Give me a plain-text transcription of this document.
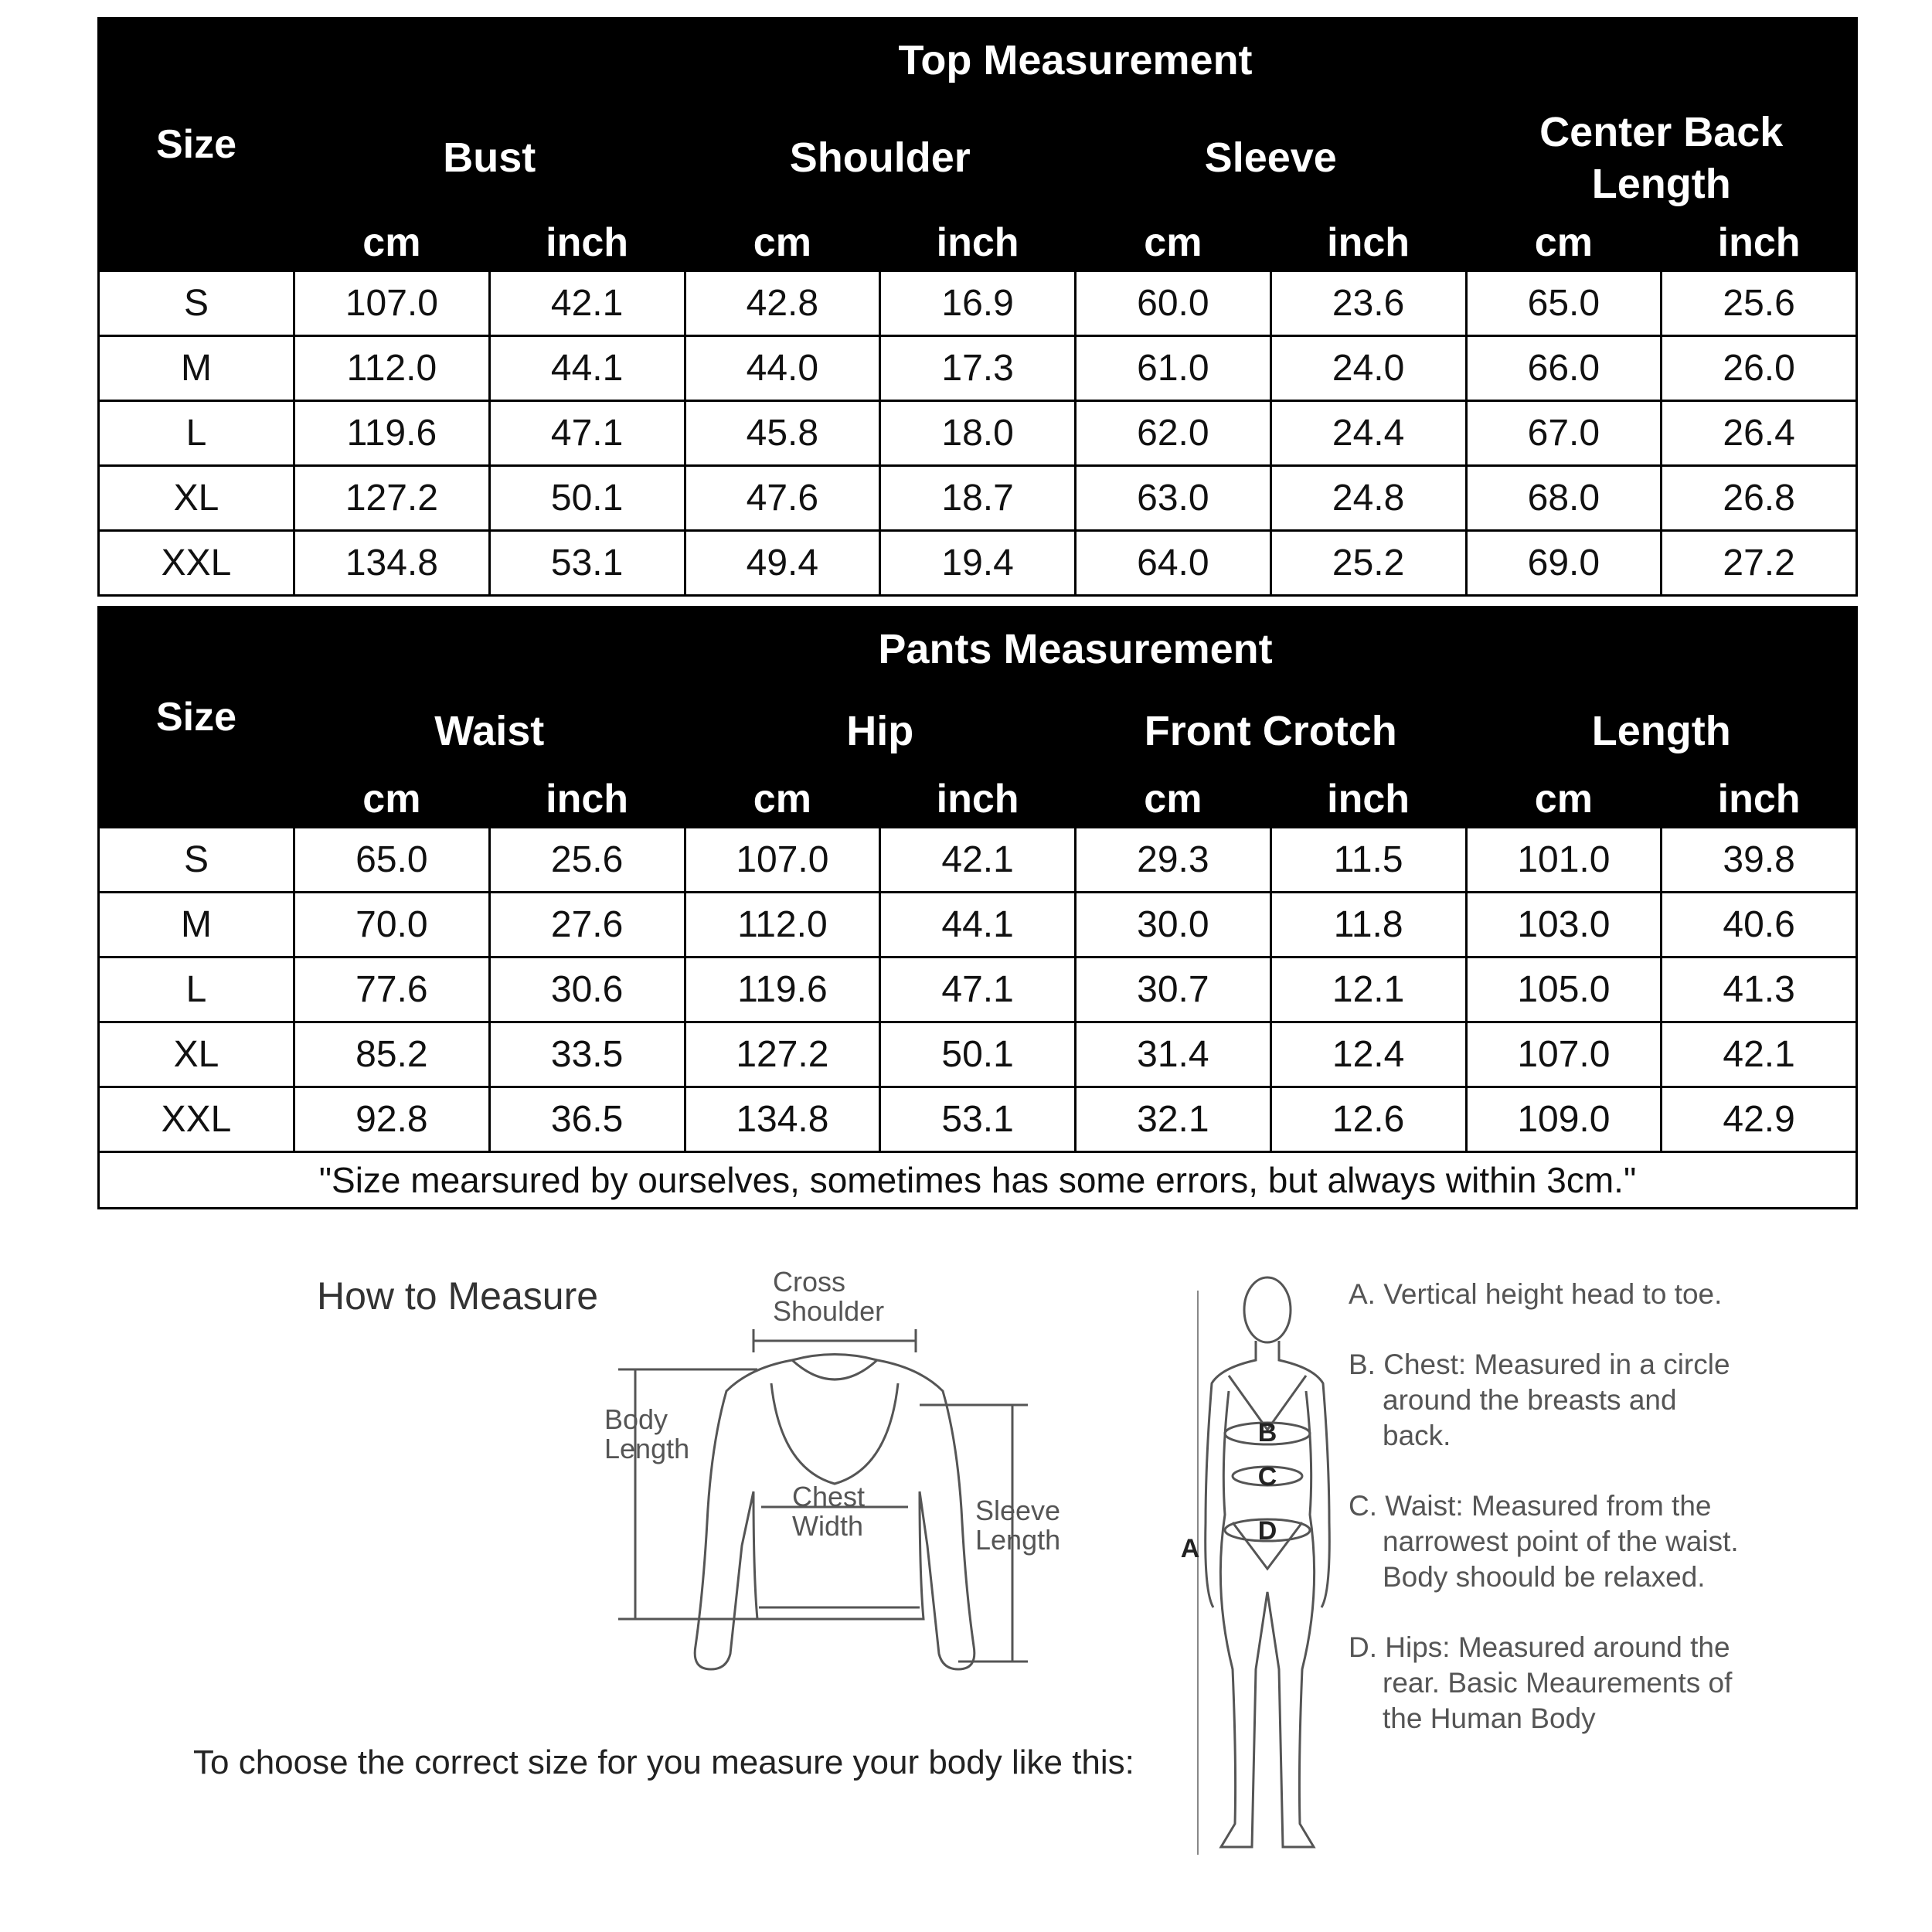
Size	Top Measurement							
	Bust		Shoulder		Sleeve		Center Back Length	
	cm	inch	cm	inch	cm	inch	cm	inch
S	107.0	42.1	42.8	16.9	60.0	23.6	65.0	25.6
M	112.0	44.1	44.0	17.3	61.0	24.0	66.0	26.0
L	119.6	47.1	45.8	18.0	62.0	24.4	67.0	26.4
XL	127.2	50.1	47.6	18.7	63.0	24.8	68.0	26.8
XXL	134.8	53.1	49.4	19.4	64.0	25.2	69.0	27.2
Size	Pants Measurement							
	Waist		Hip		Front Crotch		Length	
	cm	inch	cm	inch	cm	inch	cm	inch
S	65.0	25.6	107.0	42.1	29.3	11.5	101.0	39.8
M	70.0	27.6	112.0	44.1	30.0	11.8	103.0	40.6
L	77.6	30.6	119.6	47.1	30.7	12.1	105.0	41.3
XL	85.2	33.5	127.2	50.1	31.4	12.4	107.0	42.1
XXL	92.8	36.5	134.8	53.1	32.1	12.6	109.0	42.9
"Size mearsured by ourselves, sometimes has some errors, but always within 3cm."								
How to Measure	Cross Shoulder
Body Length
Chest Width	Sleeve Length
To choose the correct size for you measure your body like this:
B
C
D
A

A. Vertical height head to toe.

B. Chest: Measured in a circle around the breasts and back.

C. Waist: Measured from the narrowest point of the waist. Body shoould be relaxed.

D. Hips: Measured around the rear. Basic Meaurements of the Human Body
